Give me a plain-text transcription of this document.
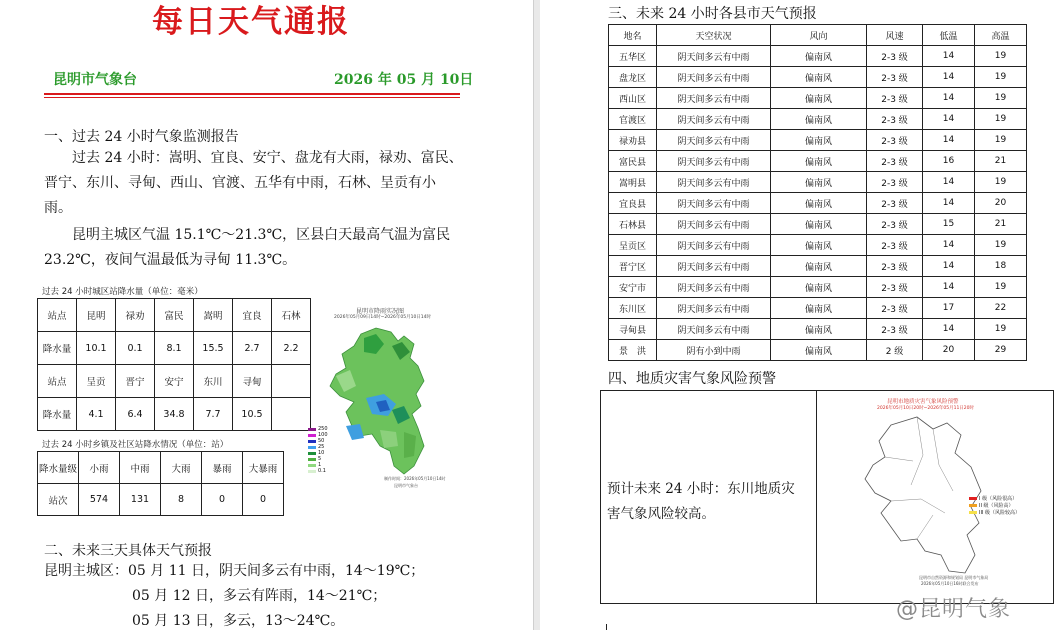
每日天气通报
昆明市气象台	2026 年 05 月 10日
一、过去 24 小时气象监测报告
过去 24 小时：嵩明、宜良、安宁、盘龙有大雨，禄劝、富民、
晋宁、东川、寻甸、西山、官渡、五华有中雨，石林、呈贡有小
雨。
昆明主城区气温 15.1℃～21.3℃，区县白天最高气温为富民
23.2℃，夜间气温最低为寻甸 11.3℃。
过去 24 小时城区站降水量（单位：毫米）
站点	昆明	禄劝	富民	嵩明	宜良	石林
降水量	10.1	0.1	8.1	15.5	2.7	2.2
站点	呈贡	晋宁	安宁	东川	寻甸	
降水量	4.1	6.4	34.8	7.7	10.5	
昆明市降雨实况图
2026年05月09日14时~2026年05月10日14时
250
100
50
25
10
5
1
0.1
制作时间：2026年05月10日14时
昆明市气象台
过去 24 小时乡镇及社区站降水情况（单位：站）
降水量级	小雨	中雨	大雨	暴雨	大暴雨
站次	574	131	8	0	0
二、未来三天具体天气预报
昆明主城区：05 月 11 日，阴天间多云有中雨，14～19℃；
05 月 12 日，多云有阵雨，14～21℃；
05 月 13 日，多云，13～24℃。
三、未来 24 小时各县市天气预报
地名	天空状况	风向	风速	低温	高温
五华区	阴天间多云有中雨	偏南风	2-3 级	14	19
盘龙区	阴天间多云有中雨	偏南风	2-3 级	14	19
西山区	阴天间多云有中雨	偏南风	2-3 级	14	19
官渡区	阴天间多云有中雨	偏南风	2-3 级	14	19
禄劝县	阴天间多云有中雨	偏南风	2-3 级	14	19
富民县	阴天间多云有中雨	偏南风	2-3 级	16	21
嵩明县	阴天间多云有中雨	偏南风	2-3 级	14	19
宜良县	阴天间多云有中雨	偏南风	2-3 级	14	20
石林县	阴天间多云有中雨	偏南风	2-3 级	15	21
呈贡区	阴天间多云有中雨	偏南风	2-3 级	14	19
晋宁区	阴天间多云有中雨	偏南风	2-3 级	14	18
安宁市	阴天间多云有中雨	偏南风	2-3 级	14	19
东川区	阴天间多云有中雨	偏南风	2-3 级	17	22
寻甸县	阴天间多云有中雨	偏南风	2-3 级	14	19
景　洪	阴有小到中雨	偏南风	2 级	20	29
四、地质灾害气象风险预警
预计未来 24 小时：东川地质灾
害气象风险较高。
昆明市地质灾害气象风险预警
2026年05月10日20时~2026年05月11日20时
I 级（风险很高）
II 级（风险高）
III 级（风险较高）
昆明市自然资源和规划局 昆明市气象局
2026年05月10日16时联合发布
@昆明气象
